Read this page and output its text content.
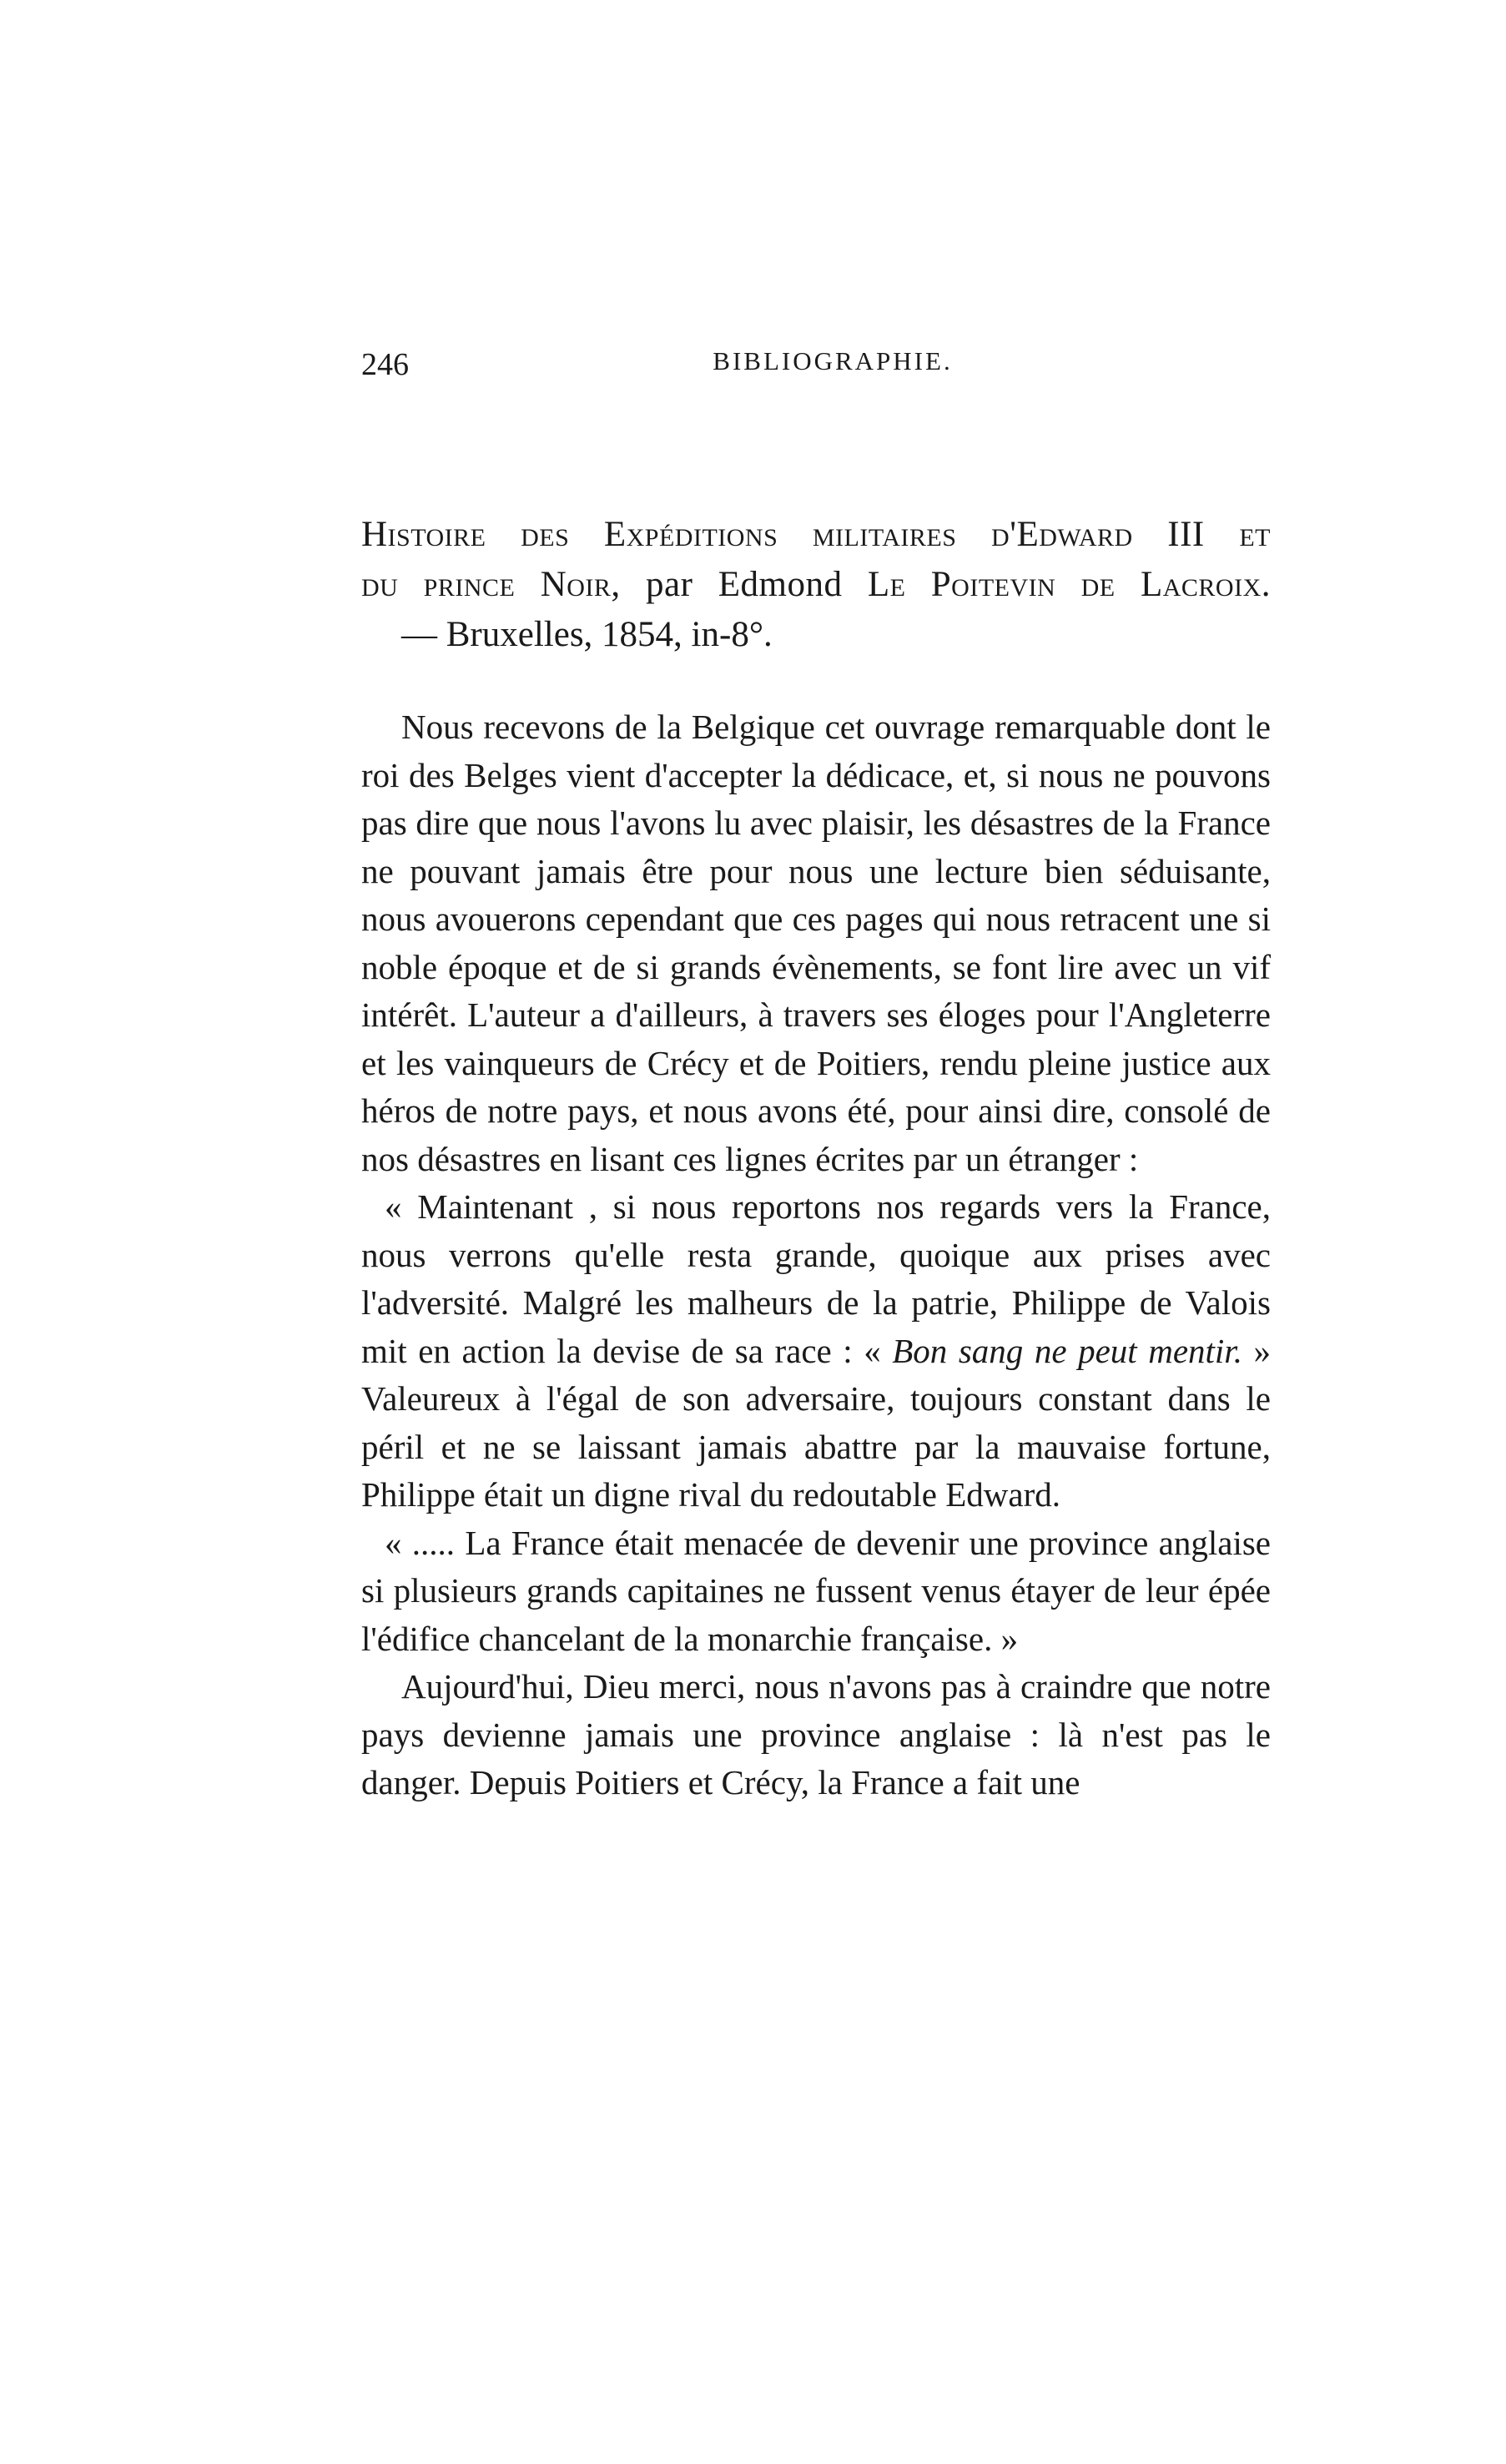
246	BIBLIOGRAPHIE.
Histoire des Expéditions militaires d'Edward III et
du prince Noir, par Edmond Le Poitevin de Lacroix.
— Bruxelles, 1854, in-8°.

Nous recevons de la Belgique cet ouvrage remarquable dont le roi des Belges vient d'accepter la dédicace, et, si nous ne pouvons pas dire que nous l'avons lu avec plaisir, les désastres de la France ne pouvant jamais être pour nous une lecture bien séduisante, nous avouerons cependant que ces pages qui nous retracent une si noble époque et de si grands évènements, se font lire avec un vif intérêt. L'auteur a d'ailleurs, à travers ses éloges pour l'Angleterre et les vainqueurs de Crécy et de Poitiers, rendu pleine justice aux héros de notre pays, et nous avons été, pour ainsi dire, consolé de nos désastres en lisant ces lignes écrites par un étranger :

« Maintenant , si nous reportons nos regards vers la France, nous verrons qu'elle resta grande, quoique aux prises avec l'adversité. Malgré les malheurs de la patrie, Philippe de Valois mit en action la devise de sa race : « Bon sang ne peut mentir. » Valeureux à l'égal de son adversaire, toujours constant dans le péril et ne se laissant jamais abattre par la mauvaise fortune, Philippe était un digne rival du redoutable Edward.

« ..... La France était menacée de devenir une province anglaise si plusieurs grands capitaines ne fussent venus étayer de leur épée l'édifice chancelant de la monarchie française. »

Aujourd'hui, Dieu merci, nous n'avons pas à craindre que notre pays devienne jamais une province anglaise : là n'est pas le danger. Depuis Poitiers et Crécy, la France a fait une
